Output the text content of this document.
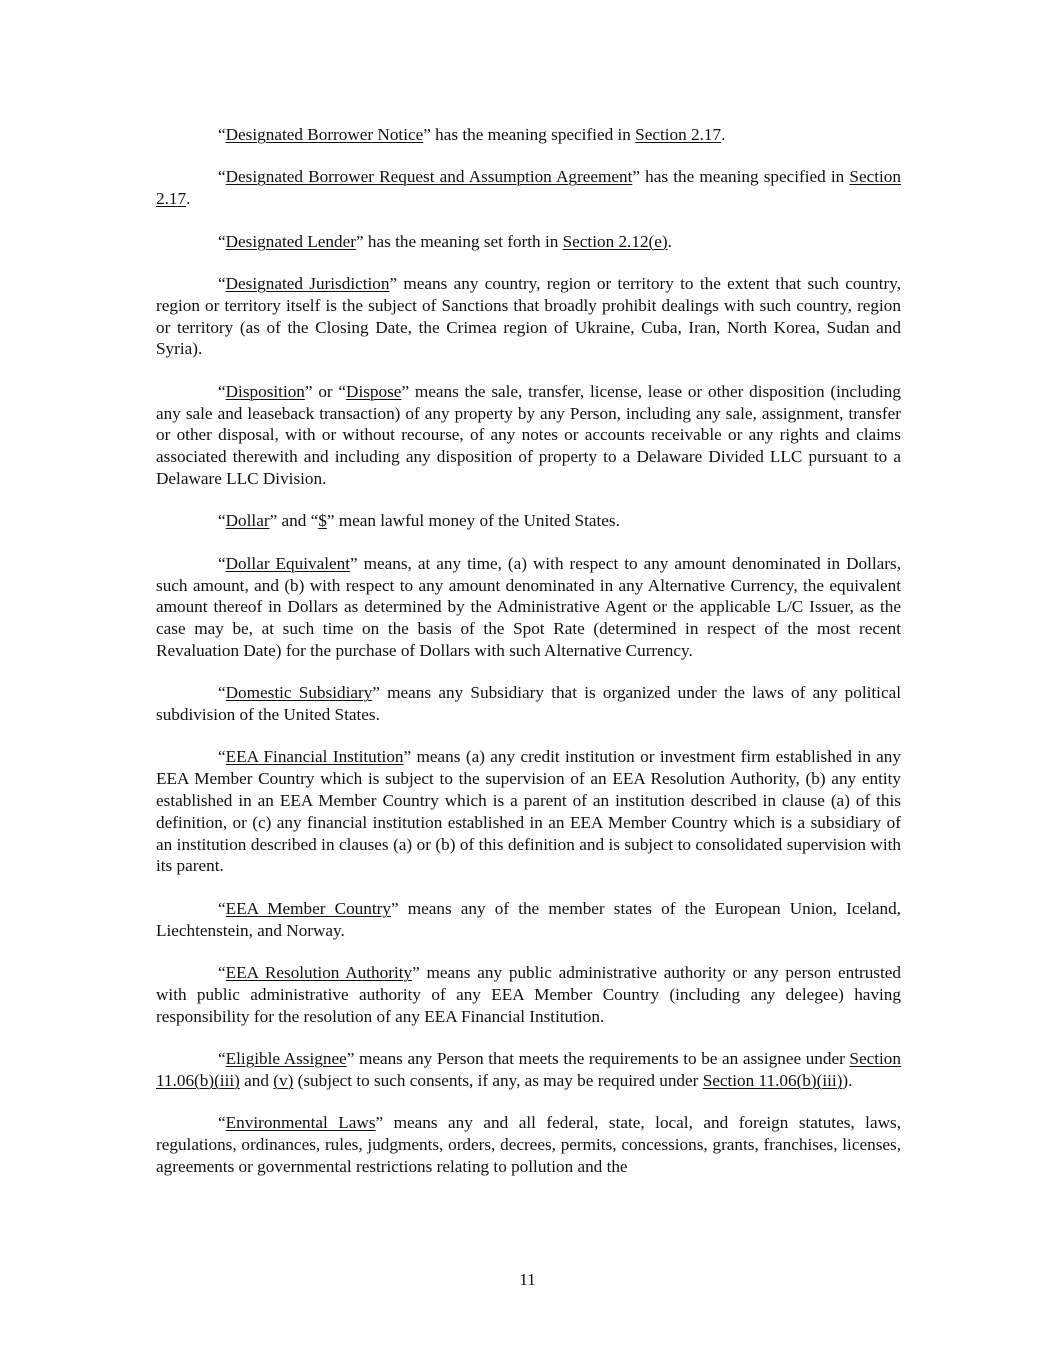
“Designated Borrower Notice” has the meaning specified in Section 2.17.

“Designated Borrower Request and Assumption Agreement” has the meaning specified in Section 2.17.

“Designated Lender” has the meaning set forth in Section 2.12(e).

“Designated Jurisdiction” means any country, region or territory to the extent that such country, region or territory itself is the subject of Sanctions that broadly prohibit dealings with such country, region or territory (as of the Closing Date, the Crimea region of Ukraine, Cuba, Iran, North Korea, Sudan and Syria).

“Disposition” or “Dispose” means the sale, transfer, license, lease or other disposition (including any sale and leaseback transaction) of any property by any Person, including any sale, assignment, transfer or other disposal, with or without recourse, of any notes or accounts receivable or any rights and claims associated therewith and including any disposition of property to a Delaware Divided LLC pursuant to a Delaware LLC Division.

“Dollar” and “$” mean lawful money of the United States.

“Dollar Equivalent” means, at any time, (a) with respect to any amount denominated in Dollars, such amount, and (b) with respect to any amount denominated in any Alternative Currency, the equivalent amount thereof in Dollars as determined by the Administrative Agent or the applicable L/C Issuer, as the case may be, at such time on the basis of the Spot Rate (determined in respect of the most recent Revaluation Date) for the purchase of Dollars with such Alternative Currency.

“Domestic Subsidiary” means any Subsidiary that is organized under the laws of any political subdivision of the United States.

“EEA Financial Institution” means (a) any credit institution or investment firm established in any EEA Member Country which is subject to the supervision of an EEA Resolution Authority, (b) any entity established in an EEA Member Country which is a parent of an institution described in clause (a) of this definition, or (c) any financial institution established in an EEA Member Country which is a subsidiary of an institution described in clauses (a) or (b) of this definition and is subject to consolidated supervision with its parent.

“EEA Member Country” means any of the member states of the European Union, Iceland, Liechtenstein, and Norway.

“EEA Resolution Authority” means any public administrative authority or any person entrusted with public administrative authority of any EEA Member Country (including any delegee) having responsibility for the resolution of any EEA Financial Institution.

“Eligible Assignee” means any Person that meets the requirements to be an assignee under Section 11.06(b)(iii) and (v) (subject to such consents, if any, as may be required under Section 11.06(b)(iii)).

“Environmental Laws” means any and all federal, state, local, and foreign statutes, laws, regulations, ordinances, rules, judgments, orders, decrees, permits, concessions, grants, franchises, licenses, agreements or governmental restrictions relating to pollution and the

11
